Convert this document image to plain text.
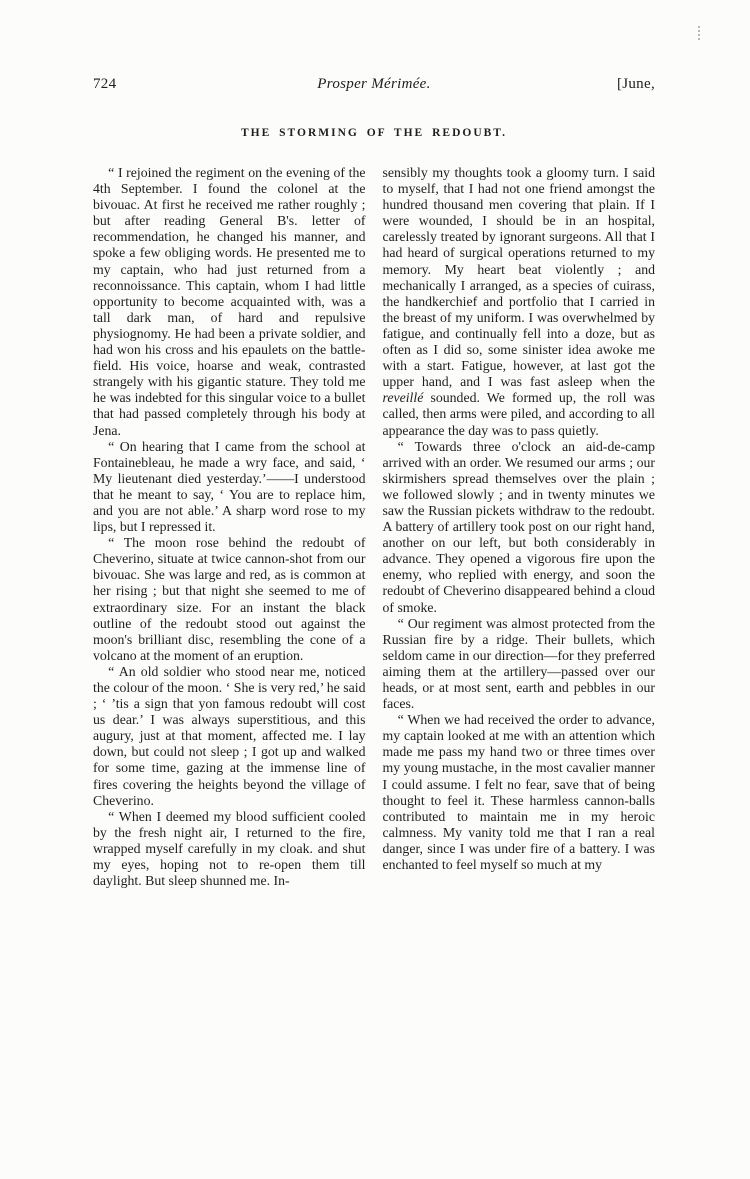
724	Prosper Mérimée.	[June,
THE STORMING OF THE REDOUBT.

“ I rejoined the regiment on the evening of the 4th September. I found the colonel at the bivouac. At first he received me rather roughly ; but after reading General B's. letter of recommendation, he changed his manner, and spoke a few obliging words. He presented me to my captain, who had just returned from a reconnoissance. This captain, whom I had little opportunity to become acquainted with, was a tall dark man, of hard and repulsive physiognomy. He had been a private soldier, and had won his cross and his epaulets on the battle-field. His voice, hoarse and weak, contrasted strangely with his gigantic stature. They told me he was indebted for this singular voice to a bullet that had passed completely through his body at Jena.

“ On hearing that I came from the school at Fontainebleau, he made a wry face, and said, ‘ My lieutenant died yesterday.’——I understood that he meant to say, ‘ You are to replace him, and you are not able.’ A sharp word rose to my lips, but I repressed it.

“ The moon rose behind the redoubt of Cheverino, situate at twice cannon-shot from our bivouac. She was large and red, as is common at her rising ; but that night she seemed to me of extraordinary size. For an instant the black outline of the redoubt stood out against the moon's brilliant disc, resembling the cone of a volcano at the moment of an eruption.

“ An old soldier who stood near me, noticed the colour of the moon. ‘ She is very red,’ he said ; ‘ ’tis a sign that yon famous redoubt will cost us dear.’ I was always superstitious, and this augury, just at that moment, affected me. I lay down, but could not sleep ; I got up and walked for some time, gazing at the immense line of fires covering the heights beyond the village of Cheverino.

“ When I deemed my blood sufficient cooled by the fresh night air, I returned to the fire, wrapped myself carefully in my cloak. and shut my eyes, hoping not to re-open them till daylight. But sleep shunned me. In-

sensibly my thoughts took a gloomy turn. I said to myself, that I had not one friend amongst the hundred thousand men covering that plain. If I were wounded, I should be in an hospital, carelessly treated by ignorant surgeons. All that I had heard of surgical operations returned to my memory. My heart beat violently ; and mechanically I arranged, as a species of cuirass, the handkerchief and portfolio that I carried in the breast of my uniform. I was overwhelmed by fatigue, and continually fell into a doze, but as often as I did so, some sinister idea awoke me with a start. Fatigue, however, at last got the upper hand, and I was fast asleep when the reveillé sounded. We formed up, the roll was called, then arms were piled, and according to all appearance the day was to pass quietly.

“ Towards three o'clock an aid-de-camp arrived with an order. We resumed our arms ; our skirmishers spread themselves over the plain ; we followed slowly ; and in twenty minutes we saw the Russian pickets withdraw to the redoubt. A battery of artillery took post on our right hand, another on our left, but both considerably in advance. They opened a vigorous fire upon the enemy, who replied with energy, and soon the redoubt of Cheverino disappeared behind a cloud of smoke.

“ Our regiment was almost protected from the Russian fire by a ridge. Their bullets, which seldom came in our direction—for they preferred aiming them at the artillery—passed over our heads, or at most sent, earth and pebbles in our faces.

“ When we had received the order to advance, my captain looked at me with an attention which made me pass my hand two or three times over my young mustache, in the most cavalier manner I could assume. I felt no fear, save that of being thought to feel it. These harmless cannon-balls contributed to maintain me in my heroic calmness. My vanity told me that I ran a real danger, since I was under fire of a battery. I was enchanted to feel myself so much at my
